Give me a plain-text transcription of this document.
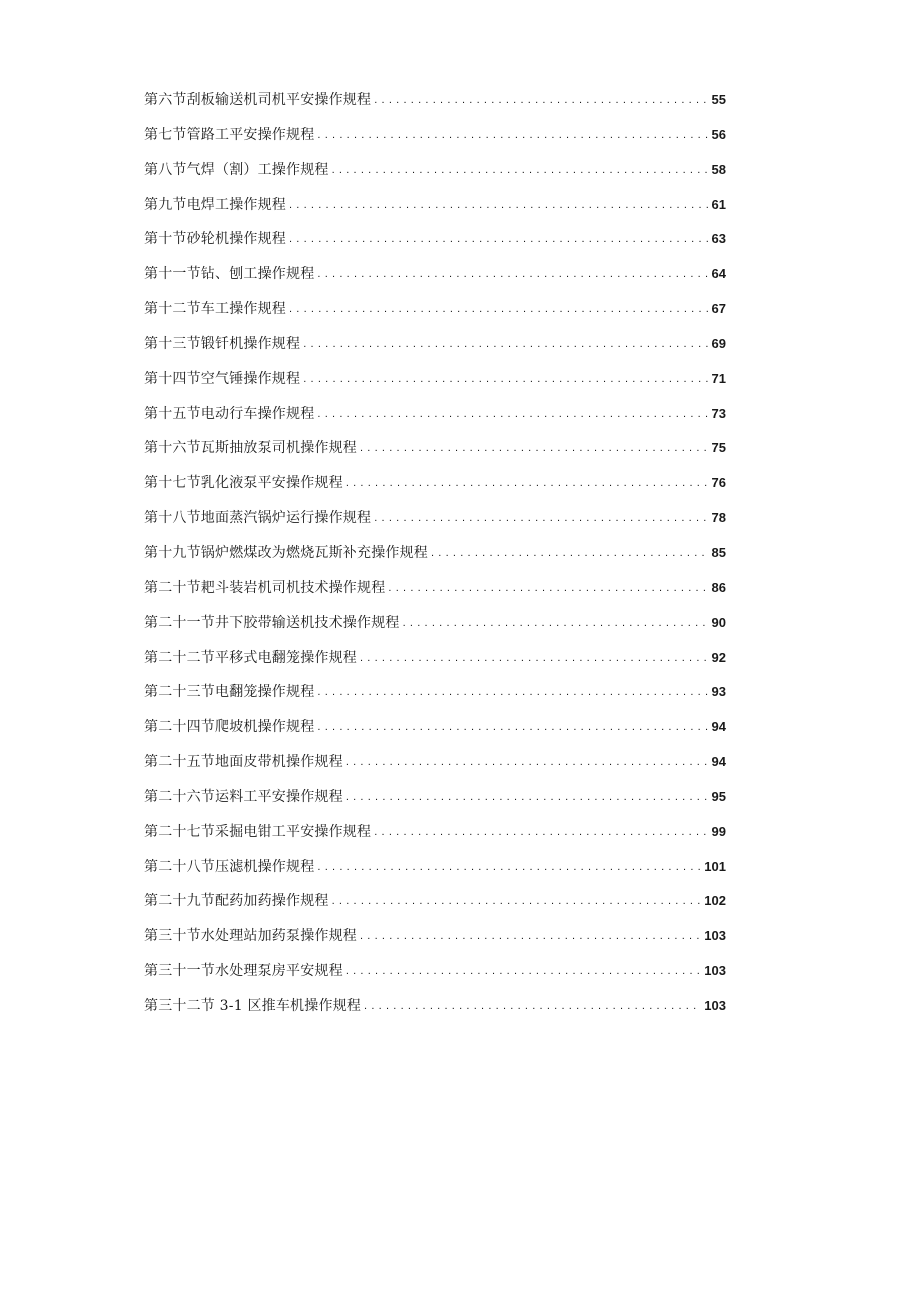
第六节刮板输送机司机平安操作规程 . . .	55
第七节管路工平安操作规程 . . .	56
第八节气焊（割）工操作规程 . . .	58
第九节电焊工操作规程 . . .	61
第十节砂轮机操作规程 . . .	63
第十一节钻、刨工操作规程 . . .	64
第十二节车工操作规程 . . .	67
第十三节锻钎机操作规程 . . .	69
第十四节空气锤操作规程 . . .	71
第十五节电动行车操作规程 . . .	73
第十六节瓦斯抽放泵司机操作规程 . . .	75
第十七节乳化液泵平安操作规程 . . .	76
第十八节地面蒸汽锅炉运行操作规程 . . .	78
第十九节锅炉燃煤改为燃烧瓦斯补充操作规程 . . .	85
第二十节耙斗装岩机司机技术操作规程 . . .	86
第二十一节井下胶带输送机技术操作规程 . . .	90
第二十二节平移式电翻笼操作规程 . . .	92
第二十三节电翻笼操作规程 . . .	93
第二十四节爬坡机操作规程 . . .	94
第二十五节地面皮带机操作规程 . . .	94
第二十六节运料工平安操作规程 . . .	95
第二十七节采掘电钳工平安操作规程 . . .	99
第二十八节压滤机操作规程 . . .	101
第二十九节配药加药操作规程 . . .	102
第三十节水处理站加药泵操作规程 . . .	103
第三十一节水处理泵房平安规程 . . .	103
第三十二节 3-1 区推车机操作规程 . . .	103
